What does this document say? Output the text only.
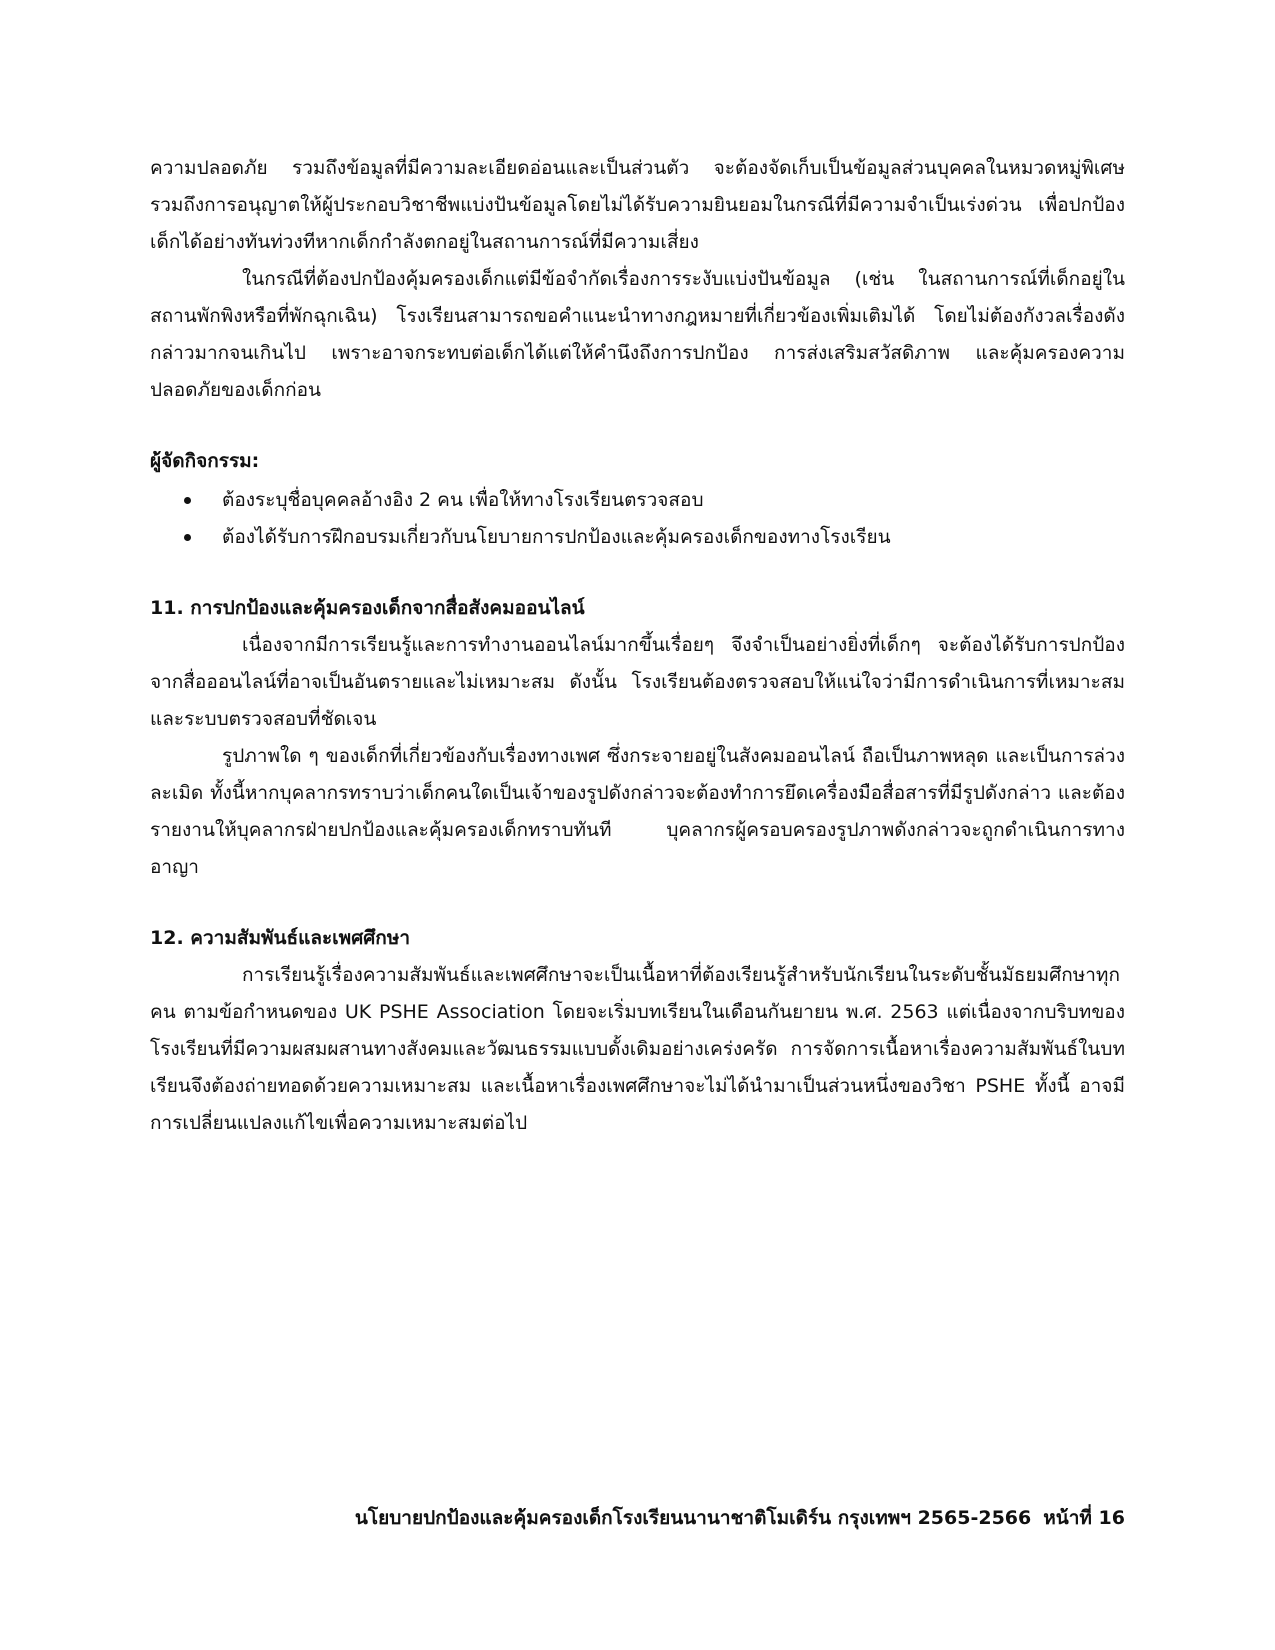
ความปลอดภัย รวมถึงข้อมูลที่มีความละเอียดอ่อนและเป็นส่วนตัว จะต้องจัดเก็บเป็นข้อมูลส่วนบุคคลในหมวดหมู่พิเศษ รวมถึงการอนุญาตให้ผู้ประกอบวิชาชีพแบ่งปันข้อมูลโดยไม่ได้รับความยินยอมในกรณีที่มีความจำเป็นเร่งด่วน เพื่อปกป้องเด็กได้อย่างทันท่วงทีหากเด็กกำลังตกอยู่ในสถานการณ์ที่มีความเสี่ยง

ในกรณีที่ต้องปกป้องคุ้มครองเด็กแต่มีข้อจำกัดเรื่องการระงับแบ่งปันข้อมูล (เช่น ในสถานการณ์ที่เด็กอยู่ในสถานพักพิงหรือที่พักฉุกเฉิน) โรงเรียนสามารถขอคำแนะนำทางกฎหมายที่เกี่ยวข้องเพิ่มเติมได้ โดยไม่ต้องกังวลเรื่องดังกล่าวมากจนเกินไป เพราะอาจกระทบต่อเด็กได้แต่ให้คำนึงถึงการปกป้อง การส่งเสริมสวัสดิภาพ และคุ้มครองความปลอดภัยของเด็กก่อน

ผู้จัดกิจกรรม:
ต้องระบุชื่อบุคคลอ้างอิง 2 คน เพื่อให้ทางโรงเรียนตรวจสอบ
ต้องได้รับการฝึกอบรมเกี่ยวกับนโยบายการปกป้องและคุ้มครองเด็กของทางโรงเรียน
11. การปกป้องและคุ้มครองเด็กจากสื่อสังคมออนไลน์

เนื่องจากมีการเรียนรู้และการทำงานออนไลน์มากขึ้นเรื่อยๆ จึงจำเป็นอย่างยิ่งที่เด็กๆ จะต้องได้รับการปกป้องจากสื่อออนไลน์ที่อาจเป็นอันตรายและไม่เหมาะสม ดังนั้น โรงเรียนต้องตรวจสอบให้แน่ใจว่ามีการดำเนินการที่เหมาะสมและระบบตรวจสอบที่ชัดเจน

รูปภาพใด ๆ ของเด็กที่เกี่ยวข้องกับเรื่องทางเพศ ซึ่งกระจายอยู่ในสังคมออนไลน์ ถือเป็นภาพหลุด และเป็นการล่วงละเมิด ทั้งนี้หากบุคลากรทราบว่าเด็กคนใดเป็นเจ้าของรูปดังกล่าวจะต้องทำการยึดเครื่องมือสื่อสารที่มีรูปดังกล่าว และต้องรายงานให้บุคลากรฝ่ายปกป้องและคุ้มครองเด็กทราบทันที บุคลากรผู้ครอบครองรูปภาพดังกล่าวจะถูกดำเนินการทางอาญา

12. ความสัมพันธ์และเพศศึกษา

การเรียนรู้เรื่องความสัมพันธ์และเพศศึกษาจะเป็นเนื้อหาที่ต้องเรียนรู้สำหรับนักเรียนในระดับชั้นมัธยมศึกษาทุกคน ตามข้อกำหนดของ UK PSHE Association โดยจะเริ่มบทเรียนในเดือนกันยายน พ.ศ. 2563 แต่เนื่องจากบริบทของโรงเรียนที่มีความผสมผสานทางสังคมและวัฒนธรรมแบบดั้งเดิมอย่างเคร่งครัด การจัดการเนื้อหาเรื่องความสัมพันธ์ในบทเรียนจึงต้องถ่ายทอดด้วยความเหมาะสม และเนื้อหาเรื่องเพศศึกษาจะไม่ได้นำมาเป็นส่วนหนึ่งของวิชา PSHE ทั้งนี้ อาจมีการเปลี่ยนแปลงแก้ไขเพื่อความเหมาะสมต่อไป

นโยบายปกป้องและคุ้มครองเด็กโรงเรียนนานาชาติโมเดิร์น กรุงเทพฯ 2565-2566 หน้าที่ 16
